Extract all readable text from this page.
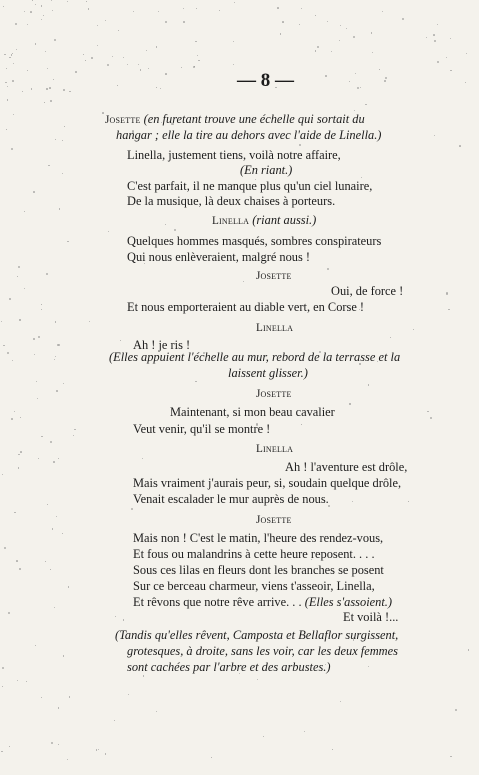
— 8 —
Josette (en furetant trouve une échelle qui sortait du
hangar ; elle la tire au dehors avec l'aide de Linella.)
Linella, justement tiens, voilà notre affaire,
(En riant.)
C'est parfait, il ne manque plus qu'un ciel lunaire,
De la musique, là deux chaises à porteurs.
Linella (riant aussi.)
Quelques hommes masqués, sombres conspirateurs
Qui nous enlèveraient, malgré nous !
Josette
Oui, de force !
Et nous emporteraient au diable vert, en Corse !
Linella
Ah ! je ris !
(Elles appuient l'échelle au mur, rebord de la terrasse et la
laissent glisser.)
Josette
Maintenant, si mon beau cavalier
Veut venir, qu'il se montre !
Linella
Ah ! l'aventure est drôle,
Mais vraiment j'aurais peur, si, soudain quelque drôle,
Venait escalader le mur auprès de nous.
Josette
Mais non ! C'est le matin, l'heure des rendez-vous,
Et fous ou malandrins à cette heure reposent. . . .
Sous ces lilas en fleurs dont les branches se posent
Sur ce berceau charmeur, viens t'asseoir, Linella,
Et rêvons que notre rêve arrive. . . (Elles s'assoient.)
Et voilà !...
(Tandis qu'elles rêvent, Camposta et Bellaflor surgissent,
grotesques, à droite, sans les voir, car les deux femmes
sont cachées par l'arbre et des arbustes.)
